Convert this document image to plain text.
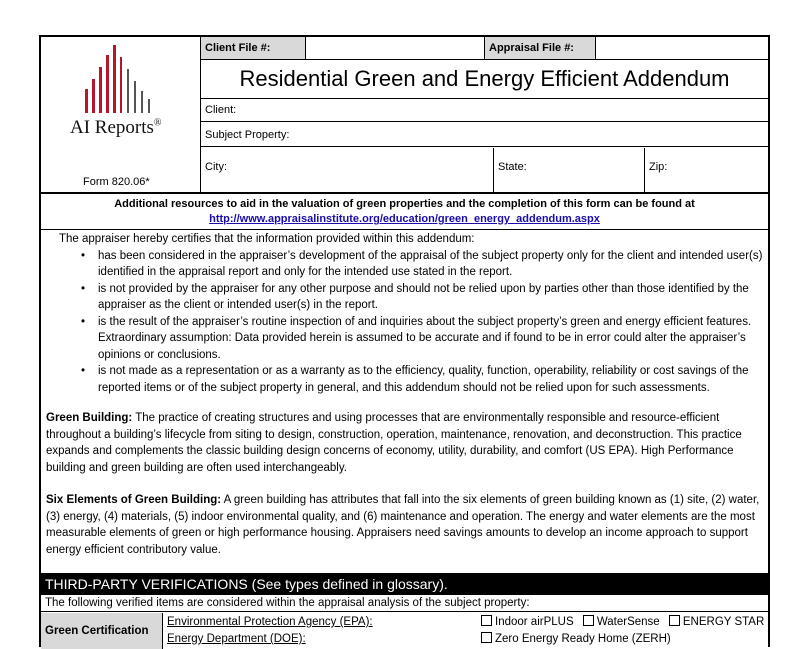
AI Reports®
Form 820.06*
Client File #:	Appraisal File #:
Residential Green and Energy Efficient Addendum
Client:
Subject Property:
City:	State:	Zip:
Additional resources to aid in the valuation of green properties and the completion of this form can be found at
http://www.appraisalinstitute.org/education/green_energy_addendum.aspx

The appraiser hereby certifies that the information provided within this addendum:

• has been considered in the appraiser’s development of the appraisal of the subject property only for the client and intended user(s) identified in the appraisal report and only for the intended use stated in the report.
• is not provided by the appraiser for any other purpose and should not be relied upon by parties other than those identified by the appraiser as the client or intended user(s) in the report.
• is the result of the appraiser’s routine inspection of and inquiries about the subject property’s green and energy efficient features. Extraordinary assumption: Data provided herein is assumed to be accurate and if found to be in error could alter the appraiser’s opinions or conclusions.
• is not made as a representation or as a warranty as to the efficiency, quality, function, operability, reliability or cost savings of the reported items or of the subject property in general, and this addendum should not be relied upon for such assessments.
Green Building: The practice of creating structures and using processes that are environmentally responsible and resource-efficient throughout a building’s lifecycle from siting to design, construction, operation, maintenance, renovation, and deconstruction. This practice expands and complements the classic building design concerns of economy, utility, durability, and comfort (US EPA). High Performance building and green building are often used interchangeably.
Six Elements of Green Building: A green building has attributes that fall into the six elements of green building known as (1) site, (2) water, (3) energy, (4) materials, (5) indoor environmental quality, and (6) maintenance and operation. The energy and water elements are the most measurable elements of green or high performance housing. Appraisers need savings amounts to develop an income approach to support energy efficient contributory value.
THIRD-PARTY VERIFICATIONS (See types defined in glossary).
The following verified items are considered within the appraisal analysis of the subject property:
Green Certification
Environmental Protection Agency (EPA):	Indoor airPLUS WaterSense ENERGY STAR
Energy Department (DOE):	Zero Energy Ready Home (ZERH)
